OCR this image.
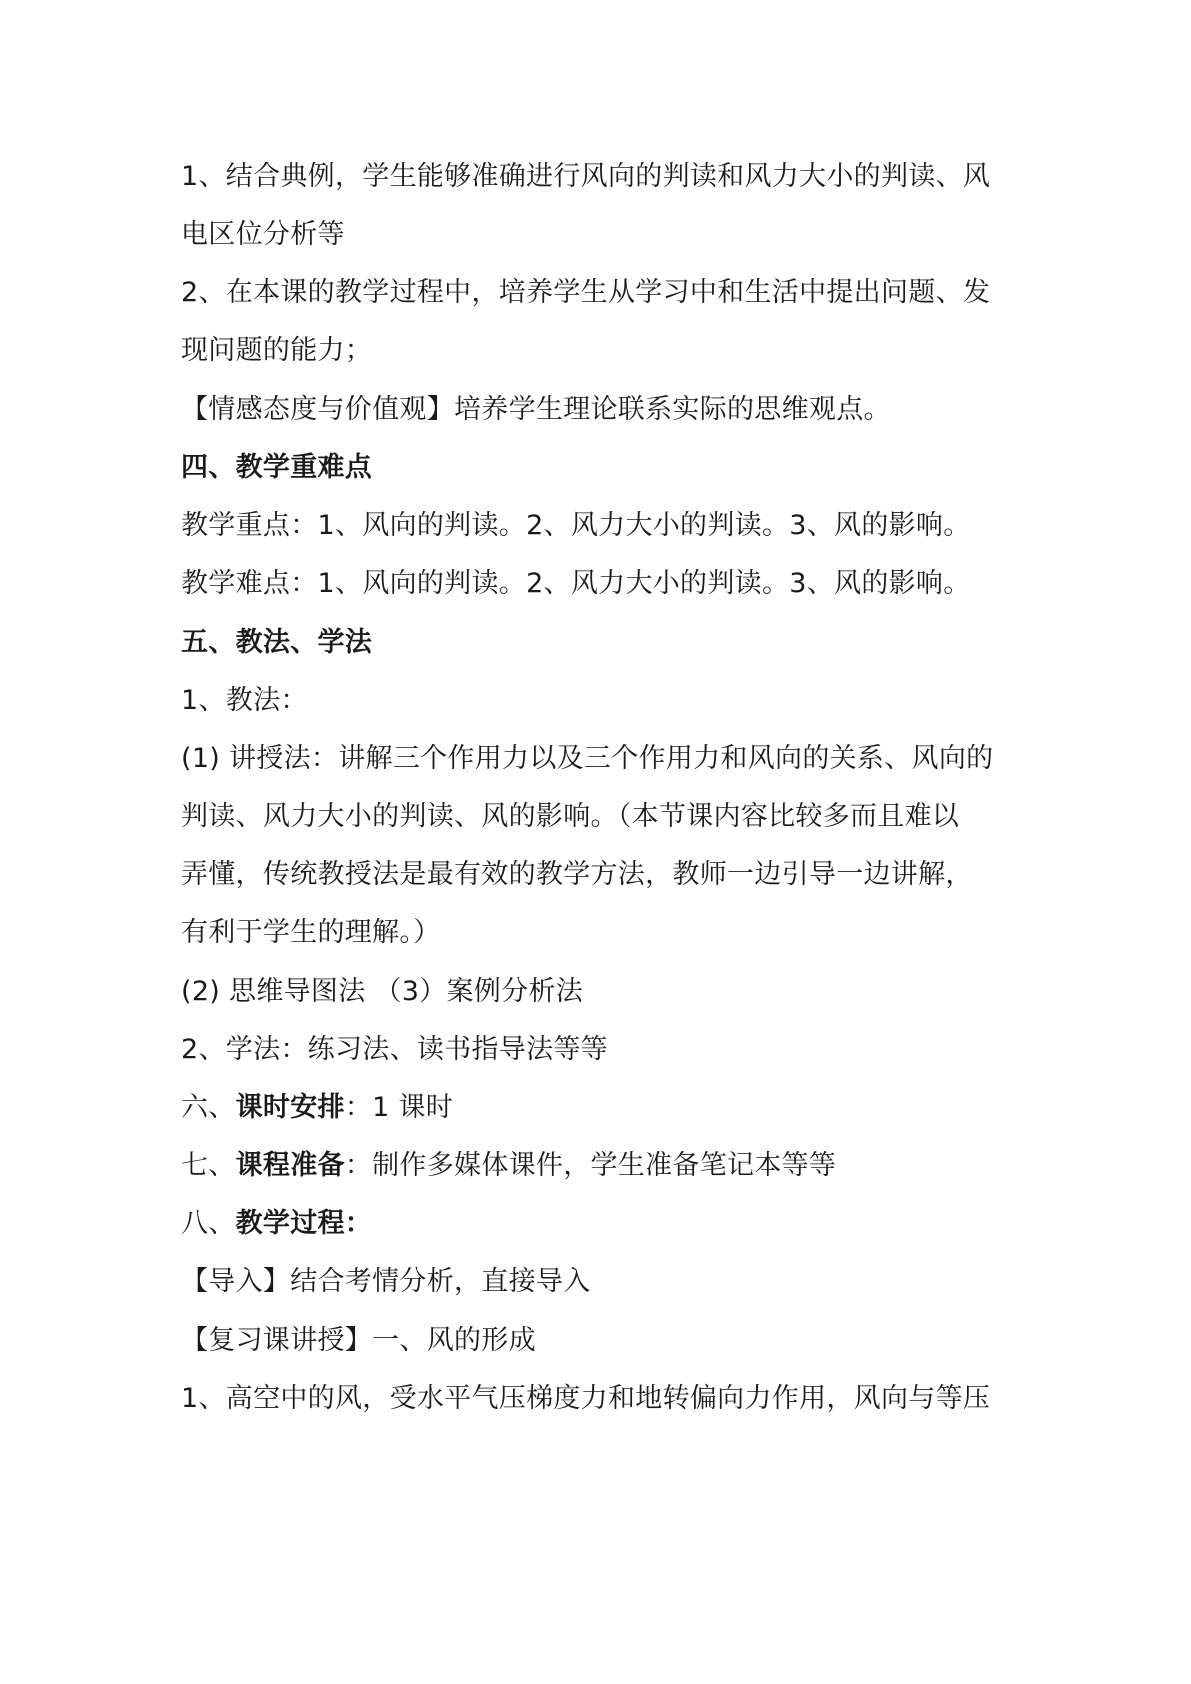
1、结合典例，学生能够准确进行风向的判读和风力大小的判读、风
电区位分析等
2、在本课的教学过程中，培养学生从学习中和生活中提出问题、发
现问题的能力；
【情感态度与价值观】培养学生理论联系实际的思维观点。
四、教学重难点
教学重点：1、风向的判读。2、风力大小的判读。3、风的影响。
教学难点：1、风向的判读。2、风力大小的判读。3、风的影响。
五、教法、学法
1、教法：
(1) 讲授法：讲解三个作用力以及三个作用力和风向的关系、风向的
判读、风力大小的判读、风的影响。（本节课内容比较多而且难以
弄懂，传统教授法是最有效的教学方法，教师一边引导一边讲解，
有利于学生的理解。）
(2) 思维导图法 （3）案例分析法
2、学法：练习法、读书指导法等等
六、课时安排：1 课时
七、课程准备：制作多媒体课件，学生准备笔记本等等
八、教学过程：
【导入】结合考情分析，直接导入
【复习课讲授】一、风的形成
1、高空中的风，受水平气压梯度力和地转偏向力作用，风向与等压
